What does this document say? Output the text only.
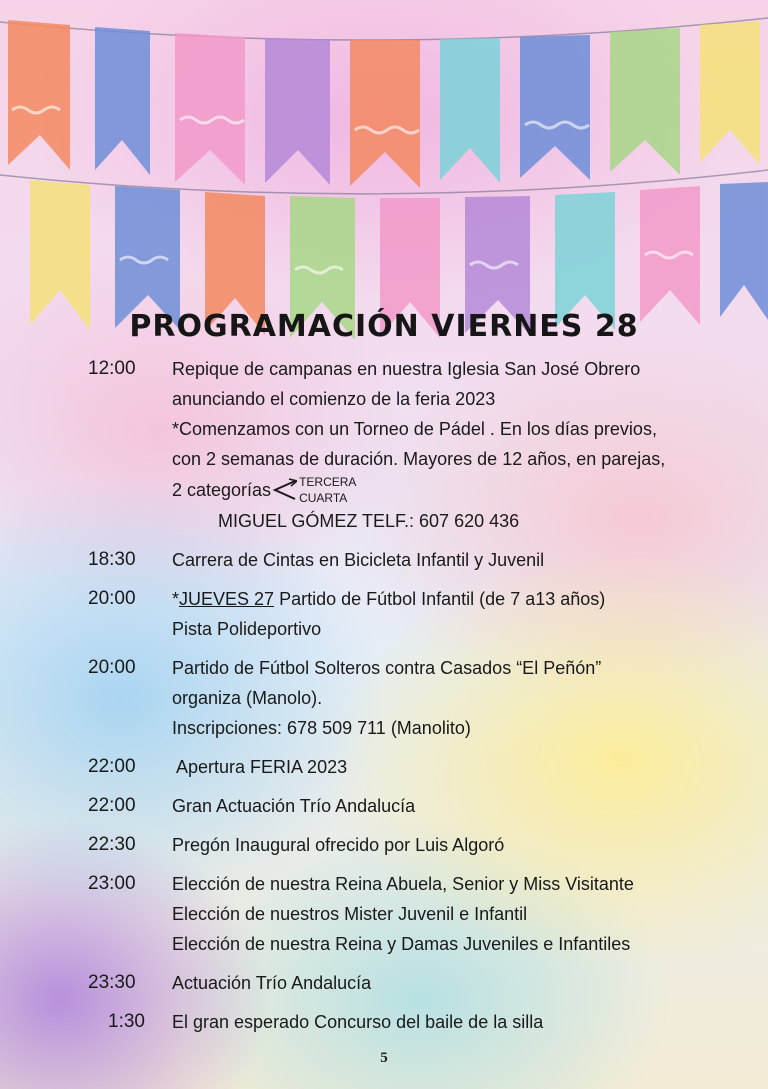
PROGRAMACIÓN VIERNES 28
12:00	Repique de campanas en nuestra Iglesia San José Obrero
anunciando el comienzo de la feria 2023
*Comenzamos con un Torneo de Pádel . En los días previos,
con 2 semanas de duración. Mayores de 12 años, en parejas,
2 categorías TERCERA
CUARTA
MIGUEL GÓMEZ TELF.: 607 620 436
18:30	Carrera de Cintas en Bicicleta Infantil y Juvenil
20:00	*JUEVES 27 Partido de Fútbol Infantil (de 7 a13 años)
Pista Polideportivo
20:00	Partido de Fútbol Solteros contra Casados “El Peñón”
organiza (Manolo).
Inscripciones: 678 509 711 (Manolito)
22:00	Apertura FERIA 2023
22:00	Gran Actuación Trío Andalucía
22:30	Pregón Inaugural ofrecido por Luis Algoró
23:00	Elección de nuestra Reina Abuela, Senior y Miss Visitante
Elección de nuestros Mister Juvenil e Infantil
Elección de nuestra Reina y Damas Juveniles e Infantiles
23:30	Actuación Trío Andalucía
1:30 El gran esperado Concurso del baile de la silla
5
